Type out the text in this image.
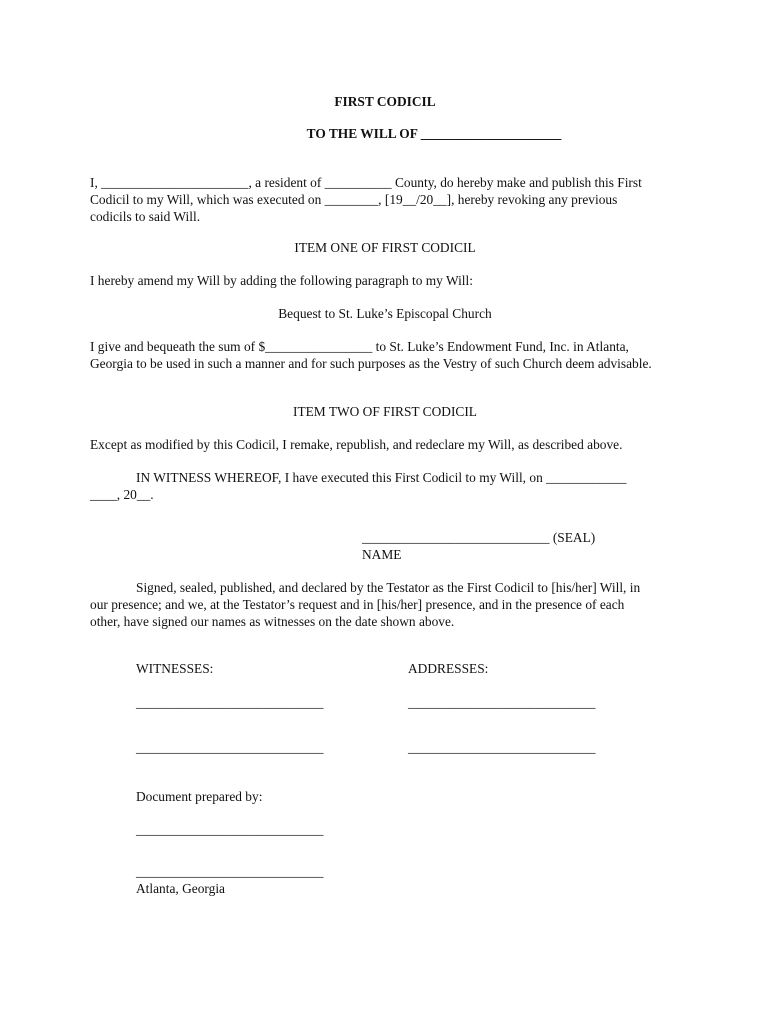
FIRST CODICIL
TO THE WILL OF _____________________
I, ______________________, a resident of __________ County, do hereby make and publish this First
Codicil to my Will, which was executed on ________, [19__/20__], hereby revoking any previous
codicils to said Will.
ITEM ONE OF FIRST CODICIL
I hereby amend my Will by adding the following paragraph to my Will:
Bequest to St. Luke’s Episcopal Church
I give and bequeath the sum of $________________ to St. Luke’s Endowment Fund, Inc. in Atlanta,
Georgia to be used in such a manner and for such purposes as the Vestry of such Church deem advisable.
ITEM TWO OF FIRST CODICIL
Except as modified by this Codicil, I remake, republish, and redeclare my Will, as described above.
IN WITNESS WHEREOF, I have executed this First Codicil to my Will, on ____________
____, 20__.
____________________________ (SEAL)
NAME
Signed, sealed, published, and declared by the Testator as the First Codicil to [his/her] Will, in
our presence; and we, at the Testator’s request and in [his/her] presence, and in the presence of each
other, have signed our names as witnesses on the date shown above.
WITNESSES:	ADDRESSES:
____________________________	____________________________
____________________________	____________________________
Document prepared by:
____________________________
____________________________
Atlanta, Georgia
